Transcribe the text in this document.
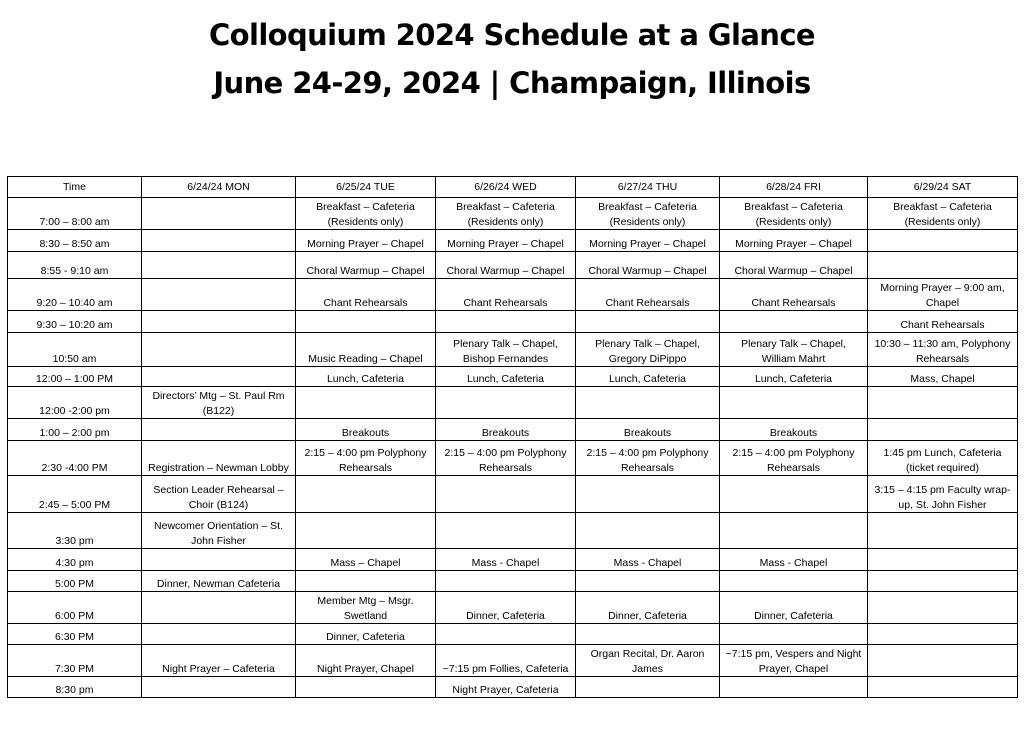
Colloquium 2024 Schedule at a Glance
June 24-29, 2024 | Champaign, Illinois
Time	6/24/24 MON	6/25/24 TUE	6/26/24 WED	6/27/24 THU	6/28/24 FRI	6/29/24 SAT
7:00 – 8:00 am		Breakfast – Cafeteria (Residents only)	Breakfast – Cafeteria (Residents only)	Breakfast – Cafeteria (Residents only)	Breakfast – Cafeteria (Residents only)	Breakfast – Cafeteria (Residents only)
8:30 – 8:50 am		Morning Prayer – Chapel	Morning Prayer – Chapel	Morning Prayer – Chapel	Morning Prayer – Chapel	
8:55 - 9:10 am		Choral Warmup – Chapel	Choral Warmup – Chapel	Choral Warmup – Chapel	Choral Warmup – Chapel	
9:20 – 10:40 am		Chant Rehearsals	Chant Rehearsals	Chant Rehearsals	Chant Rehearsals	Morning Prayer – 9:00 am, Chapel
9:30 – 10:20 am						Chant Rehearsals
10:50 am		Music Reading – Chapel	Plenary Talk – Chapel, Bishop Fernandes	Plenary Talk – Chapel, Gregory DiPippo	Plenary Talk – Chapel, William Mahrt	10:30 – 11:30 am, Polyphony Rehearsals
12:00 – 1:00 PM		Lunch, Cafeteria	Lunch, Cafeteria	Lunch, Cafeteria	Lunch, Cafeteria	Mass, Chapel
12:00 -2:00 pm	Directors’ Mtg – St. Paul Rm (B122)					
1:00 – 2:00 pm		Breakouts	Breakouts	Breakouts	Breakouts	
2:30 -4:00 PM	Registration – Newman Lobby	2:15 – 4:00 pm Polyphony Rehearsals	2:15 – 4:00 pm Polyphony Rehearsals	2:15 – 4:00 pm Polyphony Rehearsals	2:15 – 4:00 pm Polyphony Rehearsals	1:45 pm Lunch, Cafeteria (ticket required)
2:45 – 5:00 PM	Section Leader Rehearsal – Choir (B124)					3:15 – 4:15 pm Faculty wrap-up, St. John Fisher
3:30 pm	Newcomer Orientation – St. John Fisher					
4:30 pm		Mass – Chapel	Mass - Chapel	Mass - Chapel	Mass - Chapel	
5:00 PM	Dinner, Newman Cafeteria					
6:00 PM		Member Mtg – Msgr. Swetland	Dinner, Cafeteria	Dinner, Cafeteria	Dinner, Cafeteria	
6:30 PM		Dinner, Cafeteria				
7:30 PM	Night Prayer – Cafeteria	Night Prayer, Chapel	~7:15 pm Follies, Cafeteria	Organ Recital, Dr. Aaron James	~7:15 pm, Vespers and Night Prayer, Chapel	
8:30 pm			Night Prayer, Cafeteria			
